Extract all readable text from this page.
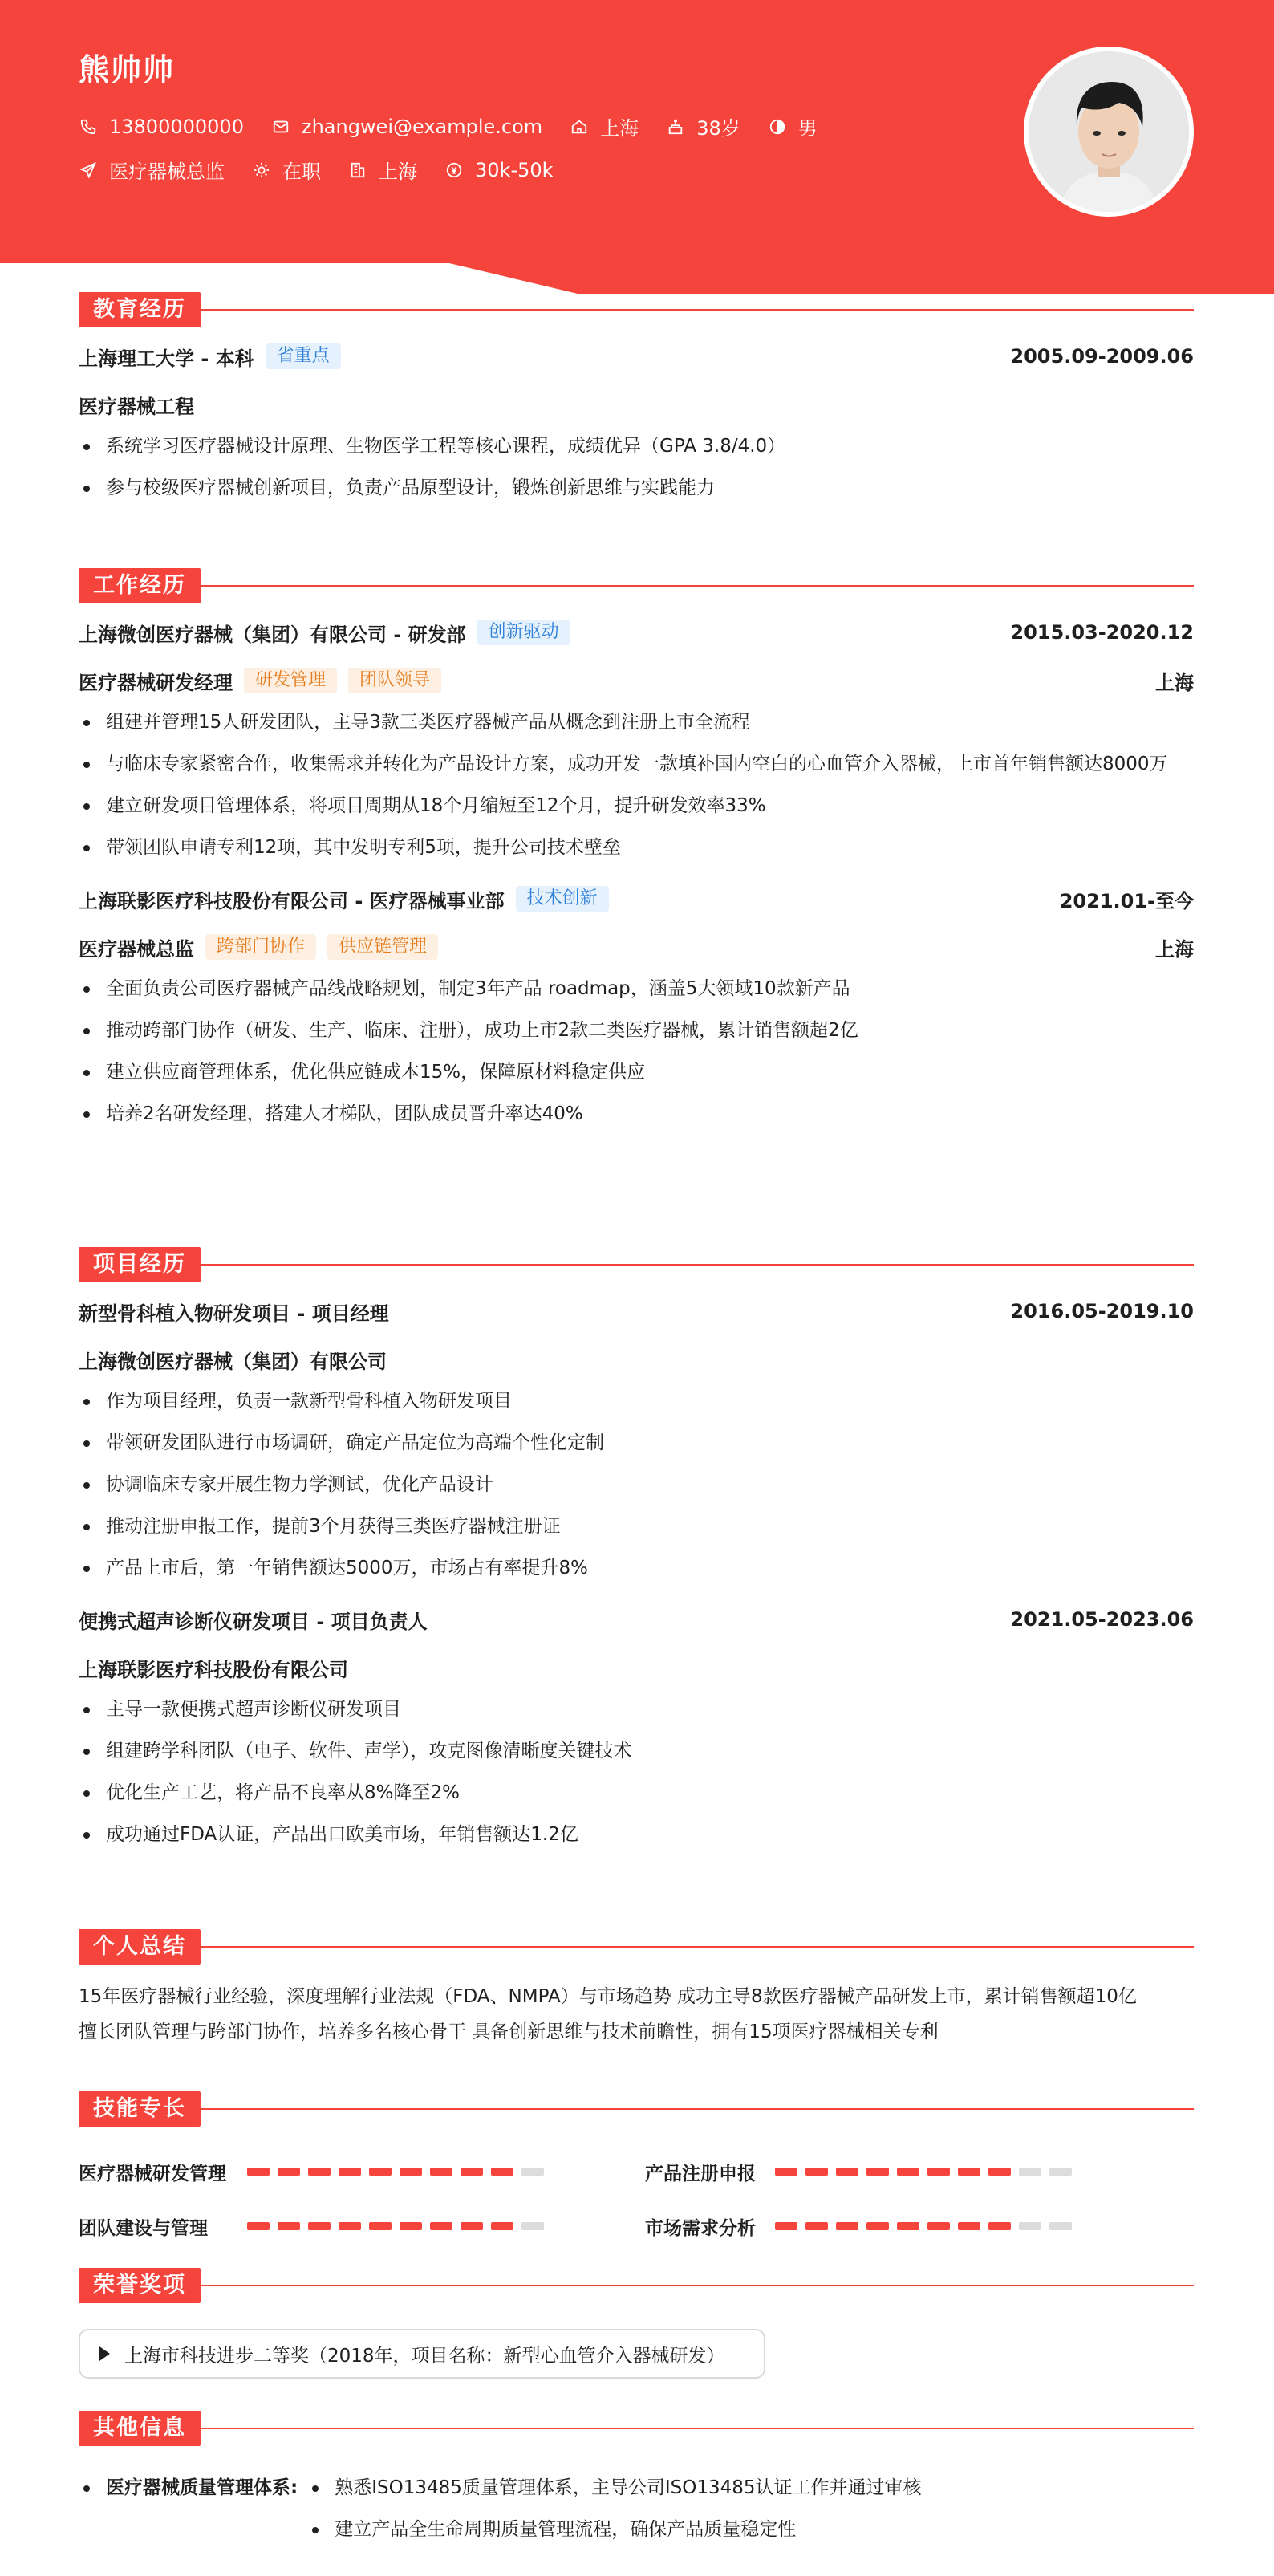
熊帅帅
13800000000	zhangwei@example.com	上海	38岁	男
医疗器械总监	在职	上海	30k-50k
教育经历
上海理工大学 - 本科	省重点	2005.09-2009.06
医疗器械工程
系统学习医疗器械设计原理、生物医学工程等核心课程，成绩优异（GPA 3.8/4.0）
参与校级医疗器械创新项目，负责产品原型设计，锻炼创新思维与实践能力
工作经历
上海微创医疗器械（集团）有限公司 - 研发部	创新驱动	2015.03-2020.12
医疗器械研发经理	研发管理	团队领导	上海
组建并管理15人研发团队，主导3款三类医疗器械产品从概念到注册上市全流程
与临床专家紧密合作，收集需求并转化为产品设计方案，成功开发一款填补国内空白的心血管介入器械，上市首年销售额达8000万
建立研发项目管理体系，将项目周期从18个月缩短至12个月，提升研发效率33%
带领团队申请专利12项，其中发明专利5项，提升公司技术壁垒
上海联影医疗科技股份有限公司 - 医疗器械事业部	技术创新	2021.01-至今
医疗器械总监	跨部门协作	供应链管理	上海
全面负责公司医疗器械产品线战略规划，制定3年产品 roadmap，涵盖5大领域10款新产品
推动跨部门协作（研发、生产、临床、注册），成功上市2款二类医疗器械，累计销售额超2亿
建立供应商管理体系，优化供应链成本15%，保障原材料稳定供应
培养2名研发经理，搭建人才梯队，团队成员晋升率达40%
项目经历
新型骨科植入物研发项目 - 项目经理	2016.05-2019.10
上海微创医疗器械（集团）有限公司
作为项目经理，负责一款新型骨科植入物研发项目
带领研发团队进行市场调研，确定产品定位为高端个性化定制
协调临床专家开展生物力学测试，优化产品设计
推动注册申报工作，提前3个月获得三类医疗器械注册证
产品上市后，第一年销售额达5000万，市场占有率提升8%
便携式超声诊断仪研发项目 - 项目负责人	2021.05-2023.06
上海联影医疗科技股份有限公司
主导一款便携式超声诊断仪研发项目
组建跨学科团队（电子、软件、声学），攻克图像清晰度关键技术
优化生产工艺，将产品不良率从8%降至2%
成功通过FDA认证，产品出口欧美市场，年销售额达1.2亿
个人总结
15年医疗器械行业经验，深度理解行业法规（FDA、NMPA）与市场趋势 成功主导8款医疗器械产品研发上市，累计销售额超10亿
擅长团队管理与跨部门协作，培养多名核心骨干 具备创新思维与技术前瞻性，拥有15项医疗器械相关专利
技能专长
医疗器械研发管理	产品注册申报
团队建设与管理	市场需求分析
荣誉奖项
上海市科技进步二等奖（2018年，项目名称：新型心血管介入器械研发）
其他信息
医疗器械质量管理体系:	熟悉ISO13485质量管理体系，主导公司ISO13485认证工作并通过审核
建立产品全生命周期质量管理流程，确保产品质量稳定性
